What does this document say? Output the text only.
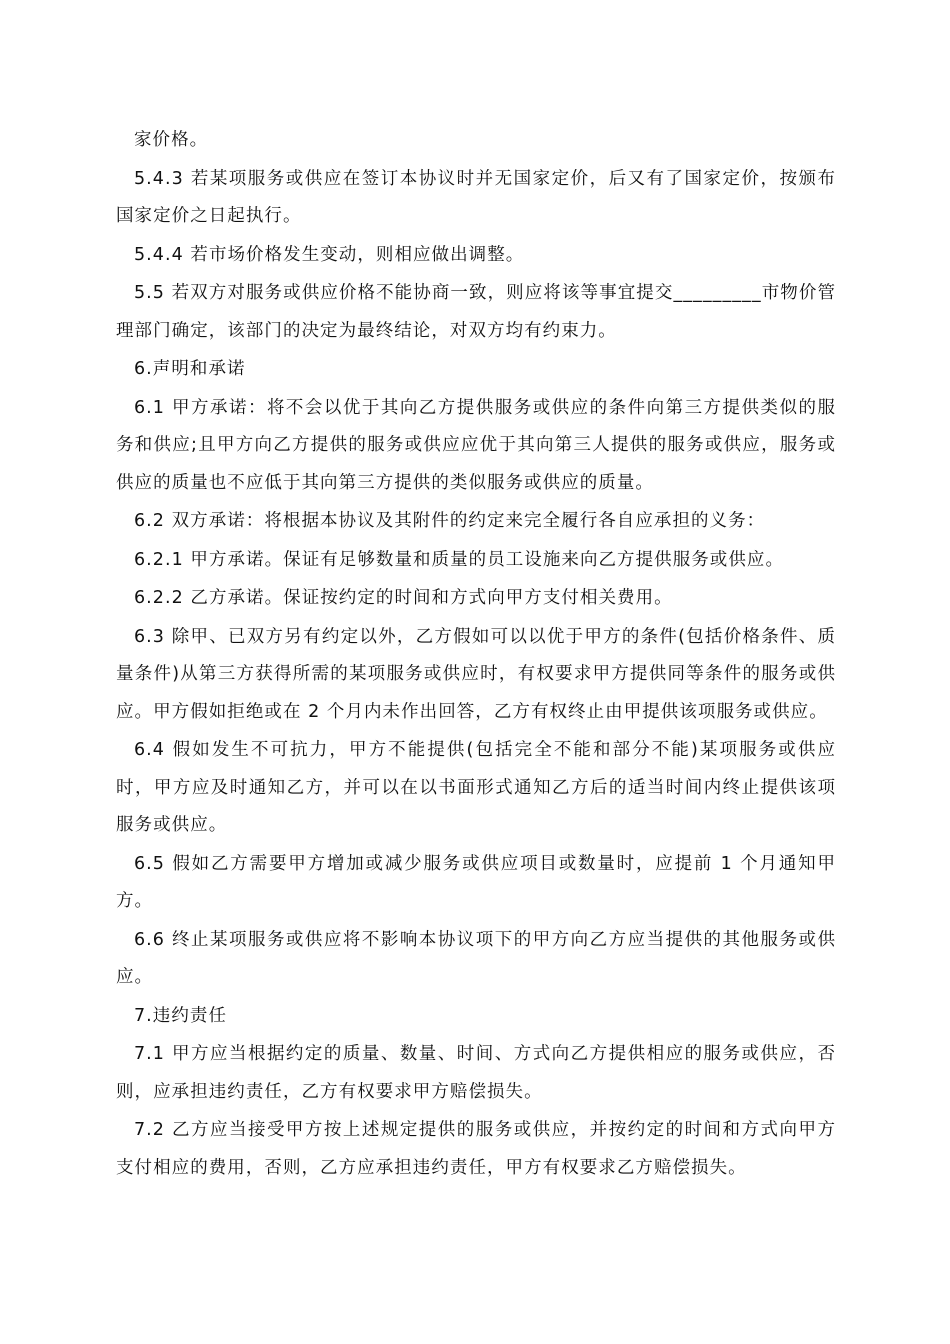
家价格。

5.4.3 若某项服务或供应在签订本协议时并无国家定价，后又有了国家定价，按颁布国家定价之日起执行。

5.4.4 若市场价格发生变动，则相应做出调整。

5.5 若双方对服务或供应价格不能协商一致，则应将该等事宜提交_________市物价管理部门确定，该部门的决定为最终结论，对双方均有约束力。

6.声明和承诺

6.1 甲方承诺：将不会以优于其向乙方提供服务或供应的条件向第三方提供类似的服务和供应;且甲方向乙方提供的服务或供应应优于其向第三人提供的服务或供应，服务或供应的质量也不应低于其向第三方提供的类似服务或供应的质量。

6.2 双方承诺：将根据本协议及其附件的约定来完全履行各自应承担的义务：

6.2.1 甲方承诺。保证有足够数量和质量的员工设施来向乙方提供服务或供应。

6.2.2 乙方承诺。保证按约定的时间和方式向甲方支付相关费用。

6.3 除甲、已双方另有约定以外，乙方假如可以以优于甲方的条件(包括价格条件、质量条件)从第三方获得所需的某项服务或供应时，有权要求甲方提供同等条件的服务或供应。甲方假如拒绝或在 2 个月内未作出回答，乙方有权终止由甲提供该项服务或供应。

6.4 假如发生不可抗力，甲方不能提供(包括完全不能和部分不能)某项服务或供应时，甲方应及时通知乙方，并可以在以书面形式通知乙方后的适当时间内终止提供该项服务或供应。

6.5 假如乙方需要甲方增加或减少服务或供应项目或数量时，应提前 1 个月通知甲方。

6.6 终止某项服务或供应将不影响本协议项下的甲方向乙方应当提供的其他服务或供应。

7.违约责任

7.1 甲方应当根据约定的质量、数量、时间、方式向乙方提供相应的服务或供应，否则，应承担违约责任，乙方有权要求甲方赔偿损失。

7.2 乙方应当接受甲方按上述规定提供的服务或供应，并按约定的时间和方式向甲方支付相应的费用，否则，乙方应承担违约责任，甲方有权要求乙方赔偿损失。
